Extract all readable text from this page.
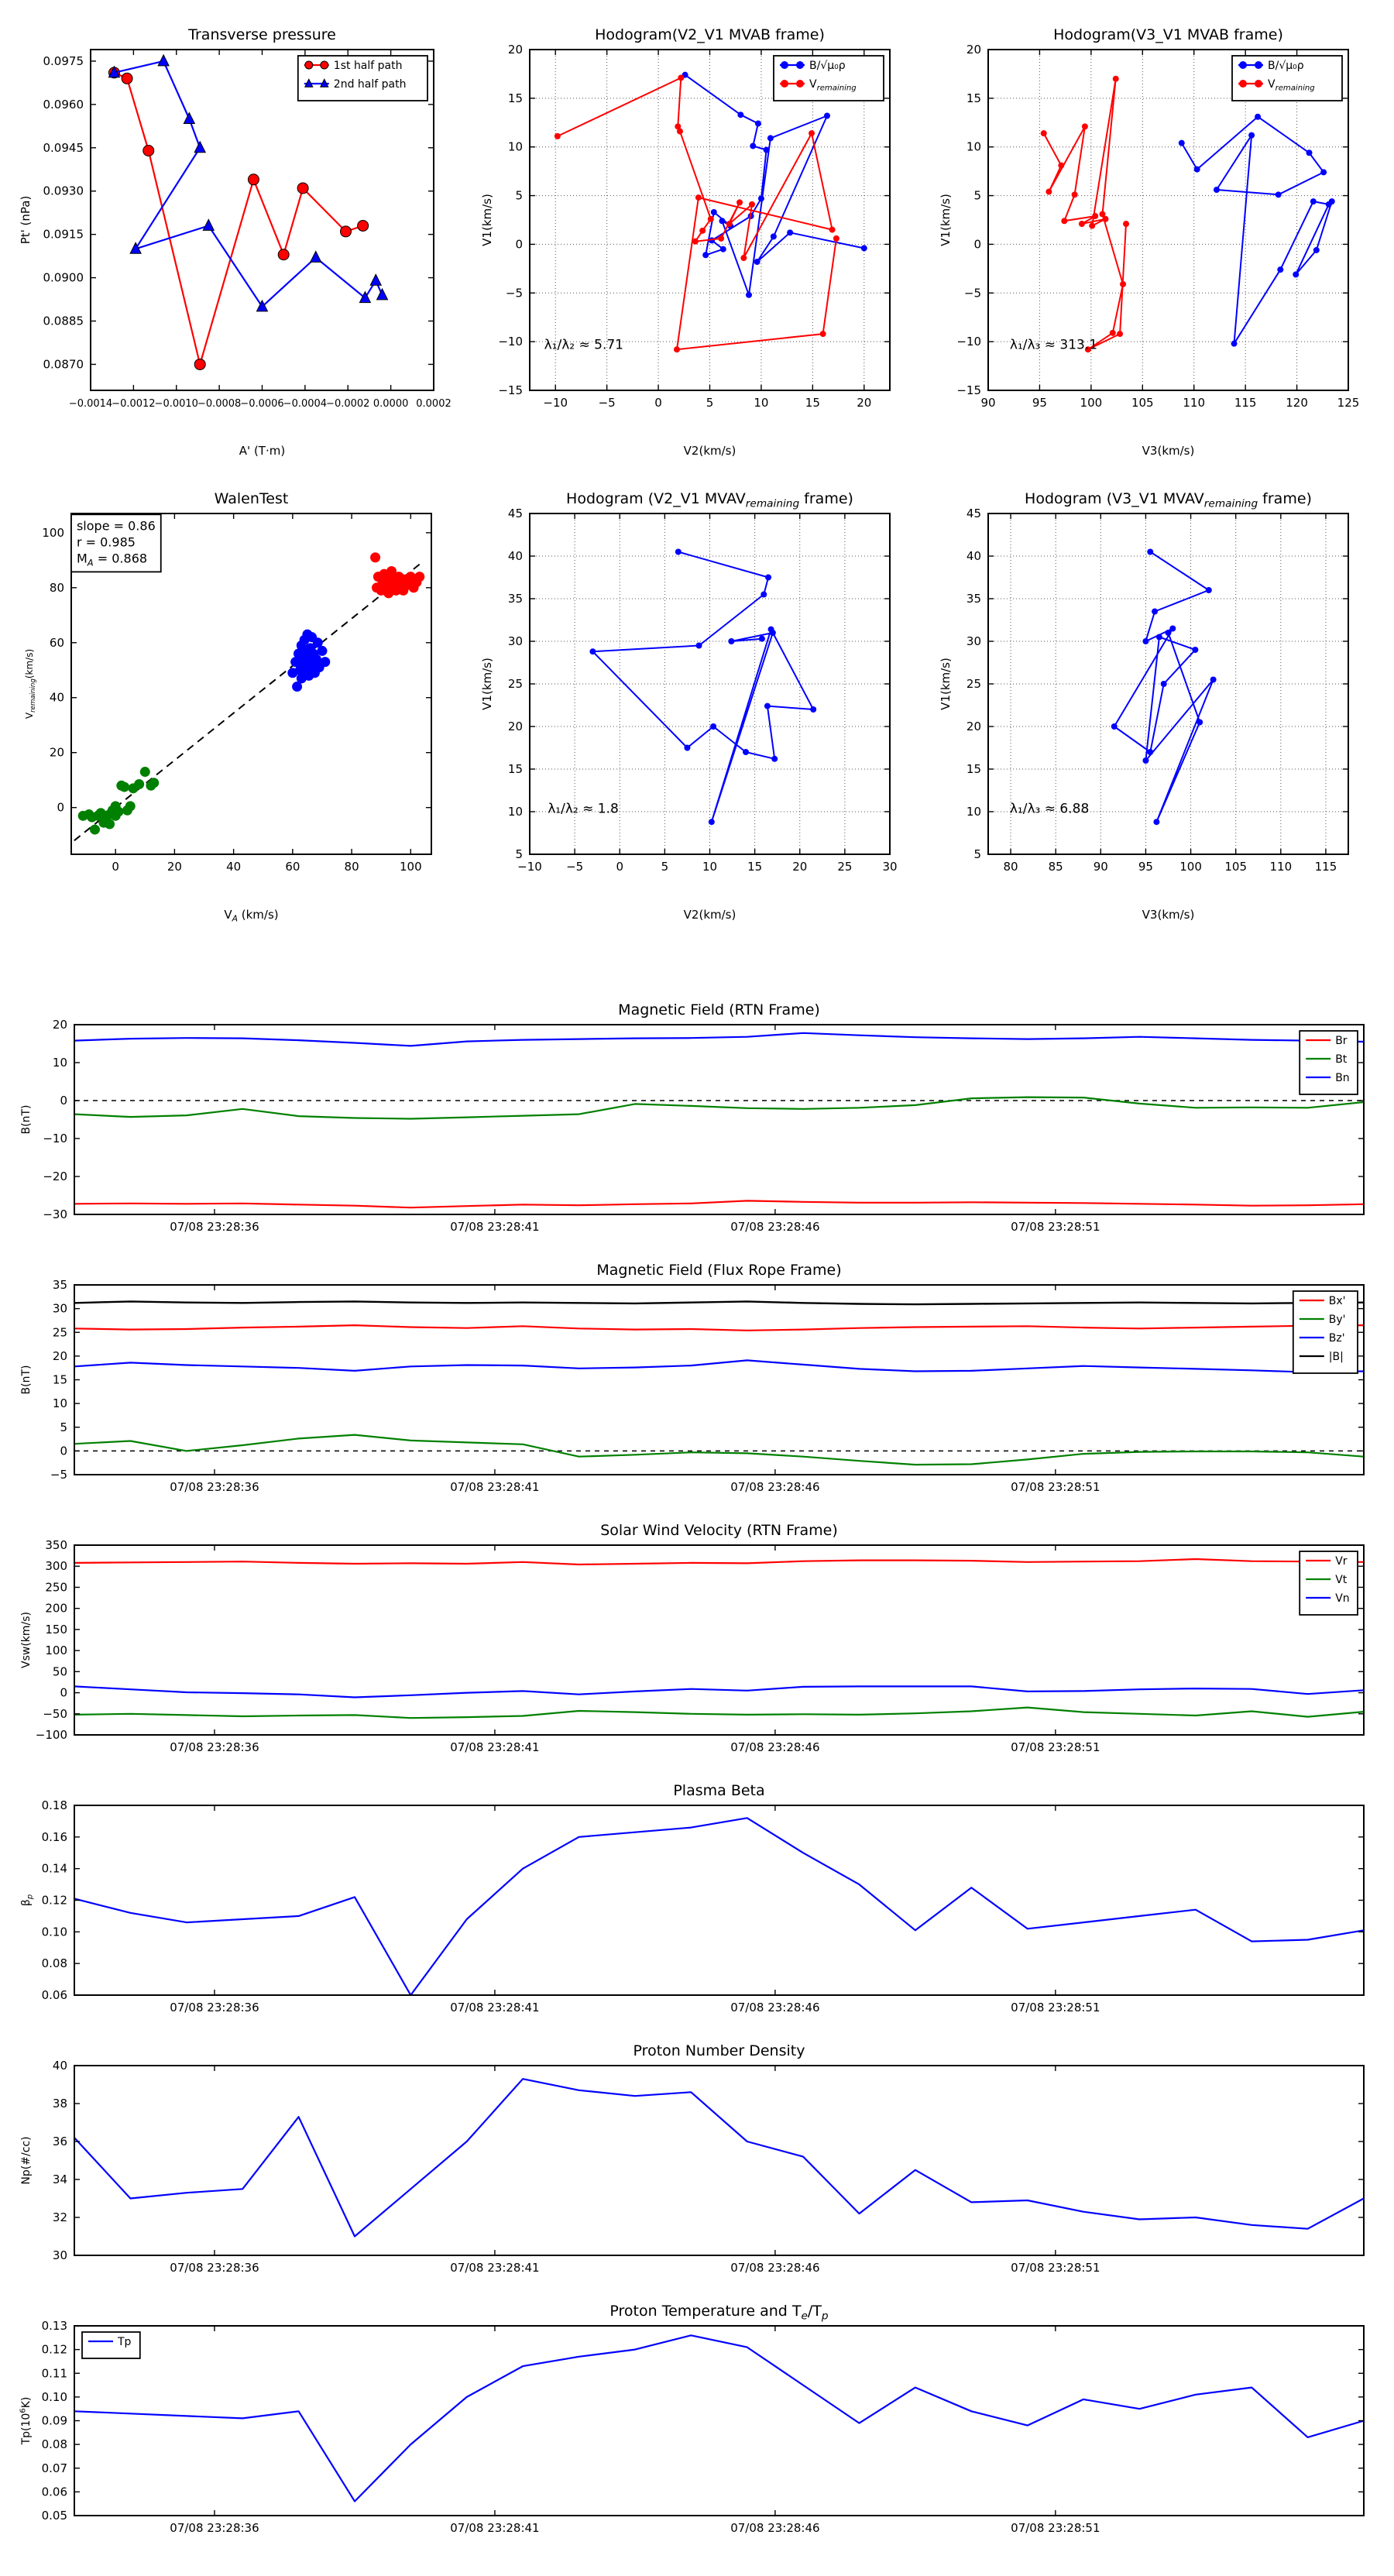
−0.0014
−0.0012
−0.0010
−0.0008
−0.0006
−0.0004
−0.0002 0.0000 0.0002
0.0870
0.0885
0.0900
0.0915
0.0930
0.0945
0.0960
0.0975
Transverse pressure
A' (T·m)
Pt' (nPa)
1st half path
2nd half path
−10	−5	0	5	10	15	20
−15
−10
−5
0
5
10
15
20
Hodogram(V2_V1 MVAB frame)
V2(km/s)
V1(km/s)
B/√μ₀ρ
$V_{remaining}$
λ₁/λ₂ ≈ 5.71
90	95	100	105	110	115	120	125
−15
−10
−5
0
5
10
15
20
Hodogram(V3_V1 MVAB frame)
V3(km/s)
V1(km/s)
B/√μ₀ρ
$V_{remaining}$
λ₁/λ₃ ≈ 313.1
0	20	40	60	80	100
0
20
40
60
80
100
WalenTest
$V_A$ (km/s)
$V_{remaining}(km/s)$
slope = 0.86
r = 0.985
$M_A = 0.868$
−10 −5	0	5	10	15	20	25	30
5
10
15
20
25
30
35
40
45
Hodogram (V2_V1 $MVAV_{remaining}$ frame)
V2(km/s)
V1(km/s)
λ₁/λ₂ ≈ 1.8
80	85	90	95 100 105 110 115
5
10
15
20
25
30
35
40
45
Hodogram (V3_V1 $MVAV_{remaining}$ frame)
V3(km/s)
V1(km/s)
λ₁/λ₃ ≈ 6.88
07/08 23:28:36	07/08 23:28:41	07/08 23:28:46	07/08 23:28:51
−30
−20
−10
0
10
20
Magnetic Field (RTN Frame)
B(nT)
Br
Bt
Bn
07/08 23:28:36	07/08 23:28:41	07/08 23:28:46	07/08 23:28:51
−5
0
5
10
15
20
25
30
35
Magnetic Field (Flux Rope Frame)
B(nT)
Bx'
By'
Bz'
|B|
07/08 23:28:36	07/08 23:28:41	07/08 23:28:46	07/08 23:28:51
−100
−50
0
50
100
150
200
250
300
350
Solar Wind Velocity (RTN Frame)
Vsw(km/s)
Vr
Vt
Vn
07/08 23:28:36	07/08 23:28:41	07/08 23:28:46	07/08 23:28:51
0.06
0.08
0.10
0.12
0.14
0.16
0.18
Plasma Beta
$\beta_p$
07/08 23:28:36	07/08 23:28:41	07/08 23:28:46	07/08 23:28:51
30
32
34
36
38
40
Proton Number Density
Np(#/cc)
07/08 23:28:36	07/08 23:28:41	07/08 23:28:46	07/08 23:28:51
0.05
0.06
0.07
0.08
0.09
0.10
0.11
0.12
0.13
Proton Temperature and $T_e/T_p$
$Tp(10^6K)$
Tp
